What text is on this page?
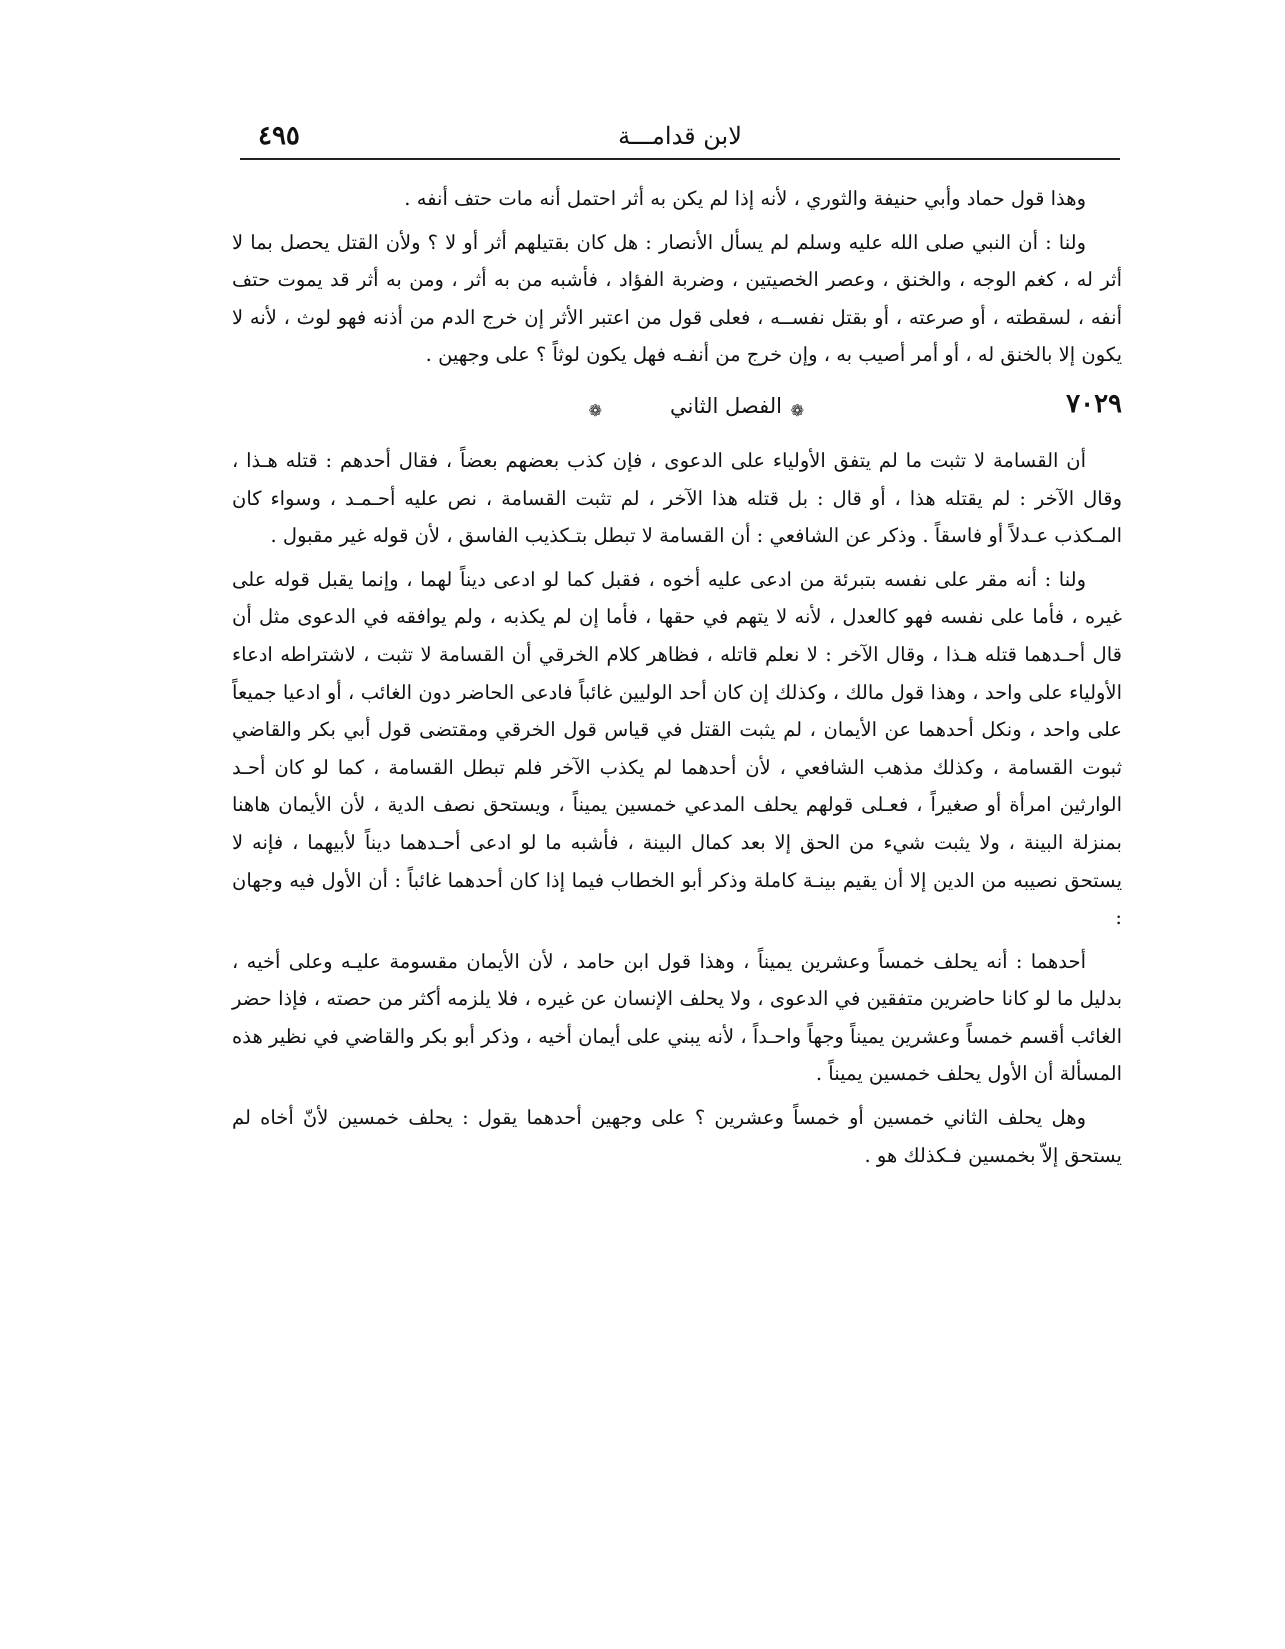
لابن قدامـــة
٤٩٥

وهذا قول حماد وأبي حنيفة والثوري ، لأنه إذا لم يكن به أثر احتمل أنه مات حتف أنفه .

ولنا : أن النبي صلى الله عليه وسلم لم يسأل الأنصار : هل كان بقتيلهم أثر أو لا ؟ ولأن القتل يحصل بما لا أثر له ، كغم الوجه ، والخنق ، وعصر الخصيتين ، وضربة الفؤاد ، فأشبه من به أثر ، ومن به أثر قد يموت حتف أنفه ، لسقطته ، أو صرعته ، أو بقتل نفســه ، فعلى قول من اعتبر الأثر إن خرج الدم من أذنه فهو لوث ، لأنه لا يكون إلا بالخنق له ، أو أمر أصيب به ، وإن خرج من أنفـه فهل يكون لوثاً ؟ على وجهين .

٧٠٢٩
❁
الفصل الثاني
❁

أن القسامة لا تثبت ما لم يتفق الأولياء على الدعوى ، فإن كذب بعضهم بعضاً ، فقال أحدهم : قتله هـذا ، وقال الآخر : لم يقتله هذا ، أو قال : بل قتله هذا الآخر ، لم تثبت القسامة ، نص عليه أحـمـد ، وسواء كان المـكذب عـدلاً أو فاسقاً . وذكر عن الشافعي : أن القسامة لا تبطل بتـكذيب الفاسق ، لأن قوله غير مقبول .

ولنا : أنه مقر على نفسه بتبرئة من ادعى عليه أخوه ، فقبل كما لو ادعى ديناً لهما ، وإنما يقبل قوله على غيره ، فأما على نفسه فهو كالعدل ، لأنه لا يتهم في حقها ، فأما إن لم يكذبه ، ولم يوافقه في الدعوى مثل أن قال أحـدهما قتله هـذا ، وقال الآخر : لا نعلم قاتله ، فظاهر كلام الخرقي أن القسامة لا تثبت ، لاشتراطه ادعاء الأولياء على واحد ، وهذا قول مالك ، وكذلك إن كان أحد الوليين غائباً فادعى الحاضر دون الغائب ، أو ادعيا جميعاً على واحد ، ونكل أحدهما عن الأيمان ، لم يثبت القتل في قياس قول الخرقي ومقتضى قول أبي بكر والقاضي ثبوت القسامة ، وكذلك مذهب الشافعي ، لأن أحدهما لم يكذب الآخر فلم تبطل القسامة ، كما لو كان أحـد الوارثين امرأة أو صغيراً ، فعـلى قولهم يحلف المدعي خمسين يميناً ، ويستحق نصف الدية ، لأن الأيمان هاهنا بمنزلة البينة ، ولا يثبت شيء من الحق إلا بعد كمال البينة ، فأشبه ما لو ادعى أحـدهما ديناً لأبيهما ، فإنه لا يستحق نصيبه من الدين إلا أن يقيم بينـة كاملة وذكر أبو الخطاب فيما إذا كان أحدهما غائباً : أن الأول فيه وجهان :

أحدهما : أنه يحلف خمساً وعشرين يميناً ، وهذا قول ابن حامد ، لأن الأيمان مقسومة عليـه وعلى أخيه ، بدليل ما لو كانا حاضرين متفقين في الدعوى ، ولا يحلف الإنسان عن غيره ، فلا يلزمه أكثر من حصته ، فإذا حضر الغائب أقسم خمساً وعشرين يميناً وجهاً واحـداً ، لأنه يبني على أيمان أخيه ، وذكر أبو بكر والقاضي في نظير هذه المسألة أن الأول يحلف خمسين يميناً .

وهل يحلف الثاني خمسين أو خمساً وعشرين ؟ على وجهين أحدهما يقول : يحلف خمسين لأنّ أخاه لم يستحق إلاّ بخمسين فـكذلك هو .
